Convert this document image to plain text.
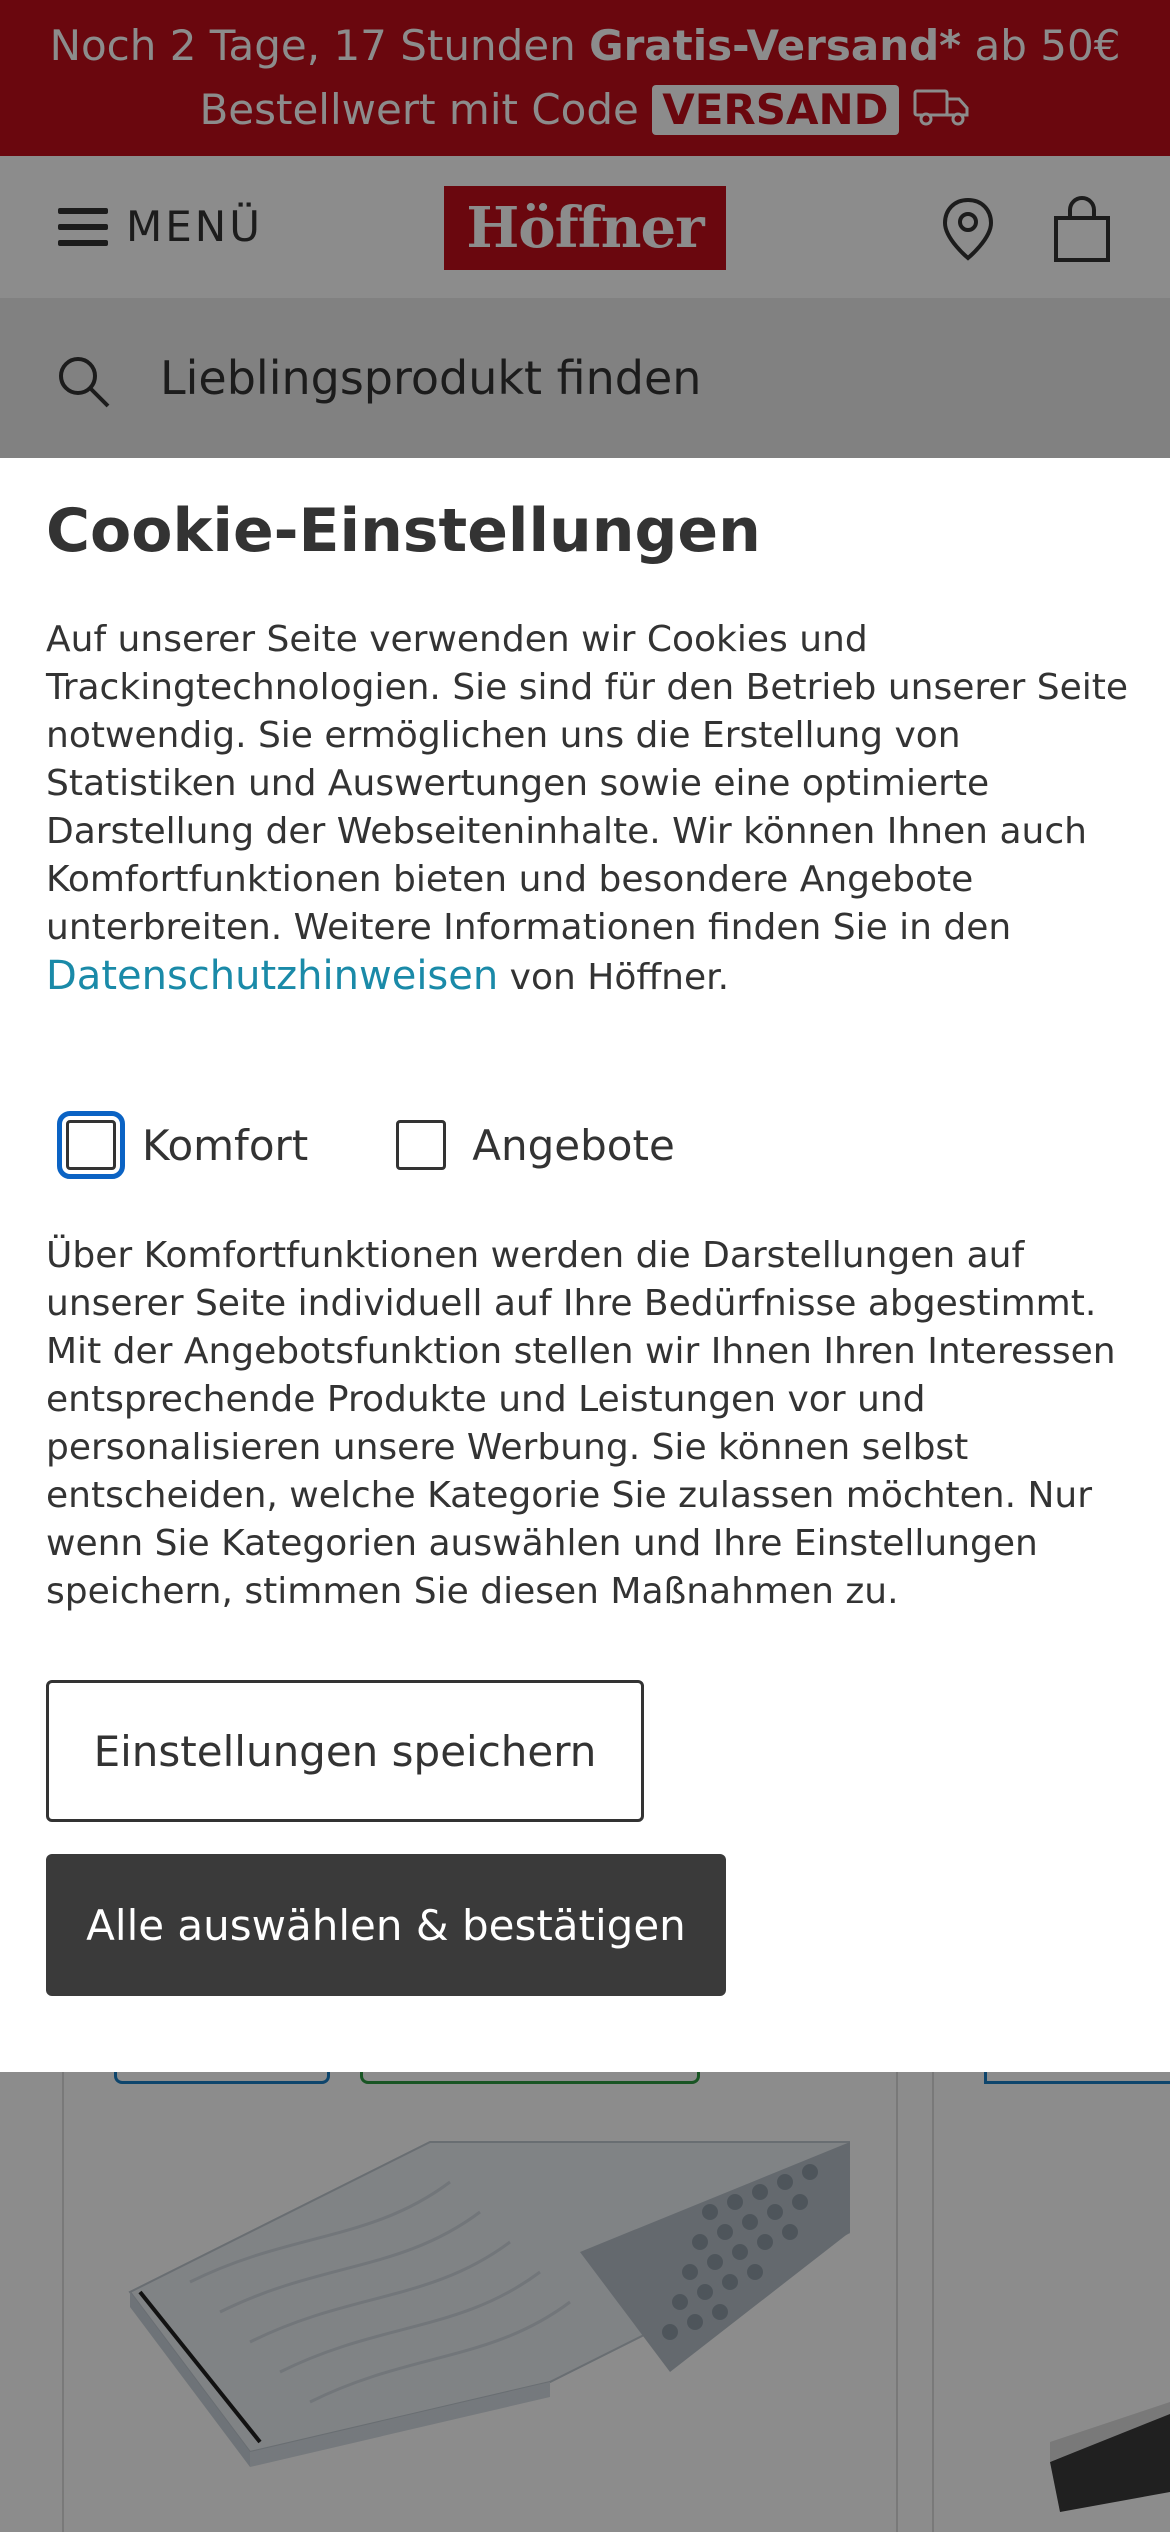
Noch 2 Tage, 17 Stunden Gratis-Versand* ab 50€
Bestellwert mit Code VERSAND
MENÜ	Höffner
Lieblingsprodukt finden
Cookie-Einstellungen

Auf unserer Seite verwenden wir Cookies und Trackingtechnologien. Sie sind für den Betrieb unserer Seite notwendig. Sie ermöglichen uns die Erstellung von Statistiken und Auswertungen sowie eine optimierte Darstellung der Webseiteninhalte. Wir können Ihnen auch Komfortfunktionen bieten und besondere Angebote unterbreiten. Weitere Informationen finden Sie in den Datenschutzhinweisen von Höffner.

Komfort	Angebote

Über Komfortfunktionen werden die Darstellungen auf unserer Seite individuell auf Ihre Bedürfnisse abgestimmt. Mit der Angebotsfunktion stellen wir Ihnen Ihren Interessen entsprechende Produkte und Leistungen vor und personalisieren unsere Werbung. Sie können selbst entscheiden, welche Kategorie Sie zulassen möchten. Nur wenn Sie Kategorien auswählen und Ihre Einstellungen speichern, stimmen Sie diesen Maßnahmen zu.

Einstellungen speichern
Alle auswählen & bestätigen
